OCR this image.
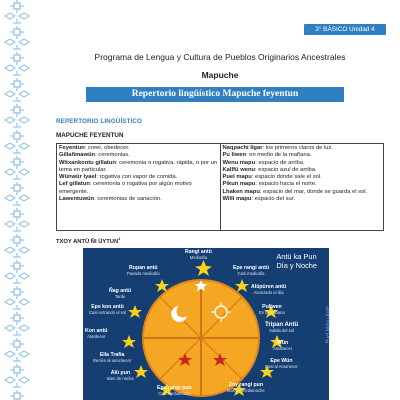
3° BÁSICO Unidad 4
Programa de Lengua y Cultura de Pueblos Originarios Ancestrales
Mapuche
Repertorio lingüístico Mapuche feyentun
REPERTORIO LINGÜÍSTICO
MAPUCHE FEYENTUN
Feyentun: creer, obedecer.
Gillañmawün: ceremonias.
Witxankontu gillatun: ceremonia o rogativa. rápida, o por un tema en particular.
Wünwür lyael: rogativa con vapor de comida.
Lef gillatun: ceremonia o rogativa por algún motivo emergente.
Lawentuwün: ceremonias de sanación.

Naqpachi ligar: los primeros claros de luz.
Pu liwen: en medio de la mañana.
Wenu mapu: espacio de arriba.
Kallfü wenu: espacio azul de arriba.
Puel mapu: espacio donde sale el sol.
Pikun mapu: espacio hacia el norte.
Lhaken mapu: espacio del mar, donde se guarda el sol.
Willi mapu: espacio del sur.
TXOY ANTÜ ÑI ÜYTUN$^1$
Antü ka Pun
Día y Noche
Puel Mapu Anté
Rangi antü
Mediodía
Rupan antü
Pasado mediodía
Epe rangi antü
Casi mediodía
Ñag antü
Tarde
Alüpüren antü
Avanzado el día
Epe kon antü
Casi entrando el sol
Puliwen
En la mañana
Kon antü
Atardecer
Tripan Antü
Salida del sol
Wün
Amanecer
Ella Trafia
Recién al anochecer	Epe Wün
Casi al Amanecer
Alü pun
Bien de noche
Zoy rangi pun
Más de medianoche
Epe rangi pun
Casi medianoche
